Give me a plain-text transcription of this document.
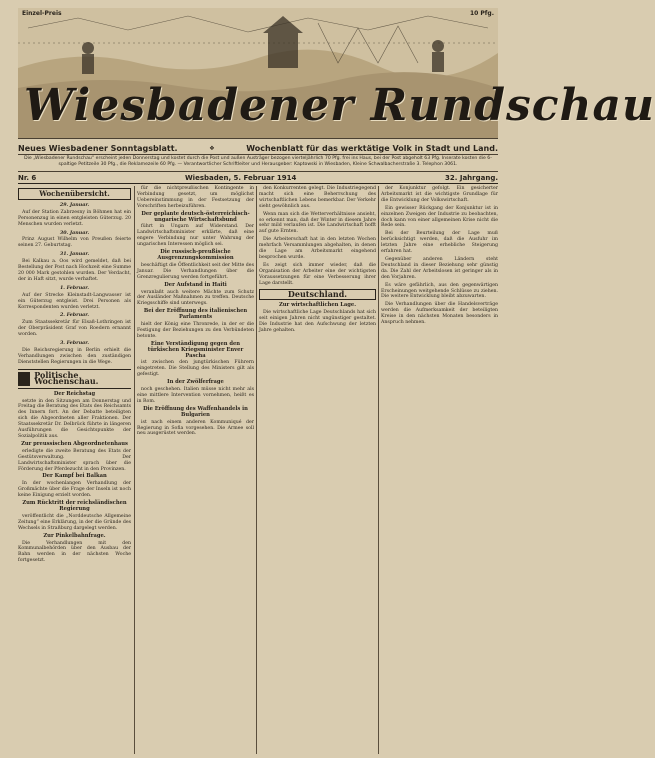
Einzel-Preis	10 Pfg.
Wiesbadener Rundschau
Neues Wiesbadener Sonntagsblatt.	❖	Wochenblatt für das werktätige Volk in Stadt und Land.
Die „Wiesbadener Rundschau“ erscheint jeden Donnerstag und kostet durch die Post und außen Austräger bezogen vierteljährlich 70 Pfg. frei ins Haus, bei der Post abgeholt 63 Pfg. Inserate kosten die 6-spaltige Petitzeile 30 Pfg., die Reklamezeile 60 Pfg. — Verantwortlicher Schriftleiter und Herausgeber: Kaptowski in Wiesbaden, Kleine Schwalbacherstraße 3. Telephon 3061.
Nr. 6	Wiesbaden, 5. Februar 1914	32. Jahrgang.
Wochenübersicht.
29. Januar.
Auf der Station Zabrzesny in Böhmen hat ein Personenzug in einen entgleisten Güterzug. 20 Menschen wurden verletzt.
30. Januar.
Prinz August Wilhelm von Preußen feierte seinen 27. Geburtstag.
31. Januar.
Bei Kalkau a. Oos wird gemeldet, daß bei Bestellung der Post nach Hochzeit eine Summe 20 000 Mark gestohlen wurden. Der Verdacht, der in Haft sitzt, wurde verhaftet.
1. Februar.
Auf der Strecke Kleinstadt-Langwasser ist ein Güterzug entgleist. Drei Personen als Korrespondenten wurden verletzt.
2. Februar.
Zum Staatssekretär für Elsaß-Lothringen ist der Oberpräsident Graf von Roedern ernannt worden.
3. Februar.
Die Reichsregierung in Berlin erhielt die Verhandlungen zwischen den zuständigen Dienststellen Regierungen in die Wege.
Politische Wochenschau.
Der Reichstag
setzte in den Sitzungen am Donnerstag und Freitag die Beratung des Etats des Reichsamts des Innern fort. An der Debatte beteiligten sich die Abgeordneten aller Fraktionen. Der Staatssekretär Dr. Delbrück führte in längeren Ausführungen die Gesichtspunkte der Sozialpolitik aus.
Zur preussischen Abgeordnetenhaus
erledigte die zweite Beratung des Etats der Gestütsverwaltung. Der Landwirtschaftsminister sprach über die Förderung der Pferdezucht in den Provinzen.
Der Kampf bei Balkan
In der wochenlangen Verhandlung der Großmächte über die Frage der Inseln ist noch keine Einigung erzielt worden.
Zum Rücktritt der reichsländischen Regierung
veröffentlicht die „Norddeutsche Allgemeine Zeitung“ eine Erklärung, in der die Gründe des Wechsels in Straßburg dargelegt werden.
Zur Pinkelbahnfrage.
Die Verhandlungen mit den Kommunalbehörden über den Ausbau der Bahn werden in der nächsten Woche fortgesetzt.
für die nichtpreußischen Kontingente in Verbindung gesetzt, um möglichst Uebereinstimmung in der Festsetzung der Vorschriften herbeizuführen.
Der geplante deutsch-österreichisch-ungarische Wirtschaftsbund
führt in Ungarn auf Widerstand. Der Landwirtschaftsminister erklärte, daß eine engere Verbindung nur unter Wahrung der ungarischen Interessen möglich sei.
Die russisch-preußische Ausgrenzungskommission
beschäftigt die Öffentlichkeit seit der Mitte des Januar. Die Verhandlungen über die Grenzregulierung werden fortgeführt.
Der Aufstand in Haiti
veranlaßt auch weitere Mächte zum Schutz der Ausländer Maßnahmen zu treffen. Deutsche Kriegsschiffe sind unterwegs.
Bei der Eröffnung des italienischen Parlaments
hielt der König eine Thronrede, in der er die Festigung der Beziehungen zu den Verbündeten betonte.
Eine Verständigung gegen den türkischen Kriegsminister Enver Pascha
ist zwischen den jungtürkischen Führern eingetreten. Die Stellung des Ministers gilt als gefestigt.
In der Zwölferfrage
noch geschehen. Italien müsse nicht mehr als eine mittlere Intervention vornehmen, heißt es in Rom.
Die Eröffnung des Waffenhandels in Bulgarien
ist nach einem anderen Kommuniqué der Regierung in Sofia vorgesehen. Die Armee soll neu ausgerüstet werden.
den Konkurrenten gelegt. Die Industriegegend macht sich eine Beherrschung des wirtschaftlichen Lebens bemerkbar. Der Verkehr sieht gewöhnlich aus.
Wenn man sich die Wetterverhältnisse ansieht, so erkennt man, daß der Winter in diesem Jahre sehr mild verlaufen ist. Die Landwirtschaft hofft auf gute Ernten.
Die Arbeiterschaft hat in den letzten Wochen mehrfach Versammlungen abgehalten, in denen die Lage am Arbeitsmarkt eingehend besprochen wurde.
Es zeigt sich immer wieder, daß die Organisation der Arbeiter eine der wichtigsten Voraussetzungen für eine Verbesserung ihrer Lage darstellt.
Deutschland.
Zur wirtschaftlichen Lage.
Die wirtschaftliche Lage Deutschlands hat sich seit einigen Jahren nicht ungünstiger gestaltet. Die Industrie hat den Aufschwung der letzten Jahre gehalten.
der Konjunktur gefolgt. Ein gesicherter Arbeitsmarkt ist die wichtigste Grundlage für die Entwicklung der Volkswirtschaft.
Ein gewisser Rückgang der Konjunktur ist in einzelnen Zweigen der Industrie zu beobachten, doch kann von einer allgemeinen Krise nicht die Rede sein.
Bei der Beurteilung der Lage muß berücksichtigt werden, daß die Ausfuhr im letzten Jahre eine erhebliche Steigerung erfahren hat.
Gegenüber anderen Ländern steht Deutschland in dieser Beziehung sehr günstig da. Die Zahl der Arbeitslosen ist geringer als in den Vorjahren.
Es wäre gefährlich, aus den gegenwärtigen Erscheinungen weitgehende Schlüsse zu ziehen. Die weitere Entwicklung bleibt abzuwarten.
Die Verhandlungen über die Handelsverträge werden die Aufmerksamkeit der beteiligten Kreise in den nächsten Monaten besonders in Anspruch nehmen.
